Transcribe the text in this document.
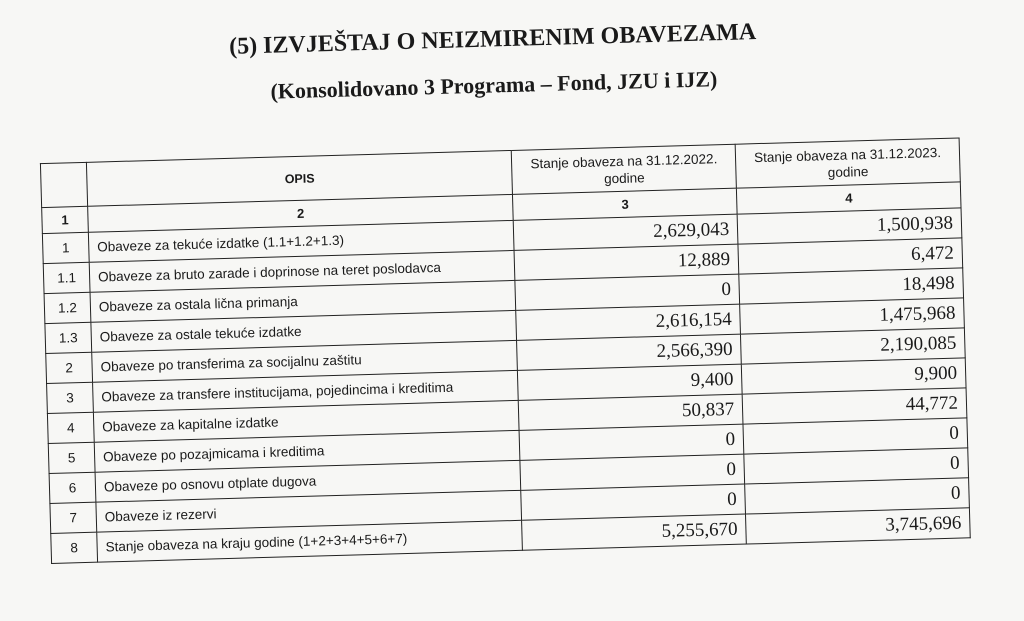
(5) IZVJEŠTAJ O NEIZMIRENIM OBAVEZAMA
(Konsolidovano 3 Programa – Fond, JZU i IJZ)
	OPIS	Stanje obaveza na 31.12.2022. godine	Stanje obaveza na 31.12.2023. godine
1	2	3	4
1	Obaveze za tekuće izdatke (1.1+1.2+1.3)	2,629,043	1,500,938
1.1	Obaveze za bruto zarade i doprinose na teret poslodavca	12,889	6,472
1.2	Obaveze za ostala lična primanja	0	18,498
1.3	Obaveze za ostale tekuće izdatke	2,616,154	1,475,968
2	Obaveze po transferima za socijalnu zaštitu	2,566,390	2,190,085
3	Obaveze za transfere institucijama, pojedincima i kreditima	9,400	9,900
4	Obaveze za kapitalne izdatke	50,837	44,772
5	Obaveze po pozajmicama i kreditima	0	0
6	Obaveze po osnovu otplate dugova	0	0
7	Obaveze iz rezervi	0	0
8	Stanje obaveza na kraju godine (1+2+3+4+5+6+7)	5,255,670	3,745,696
